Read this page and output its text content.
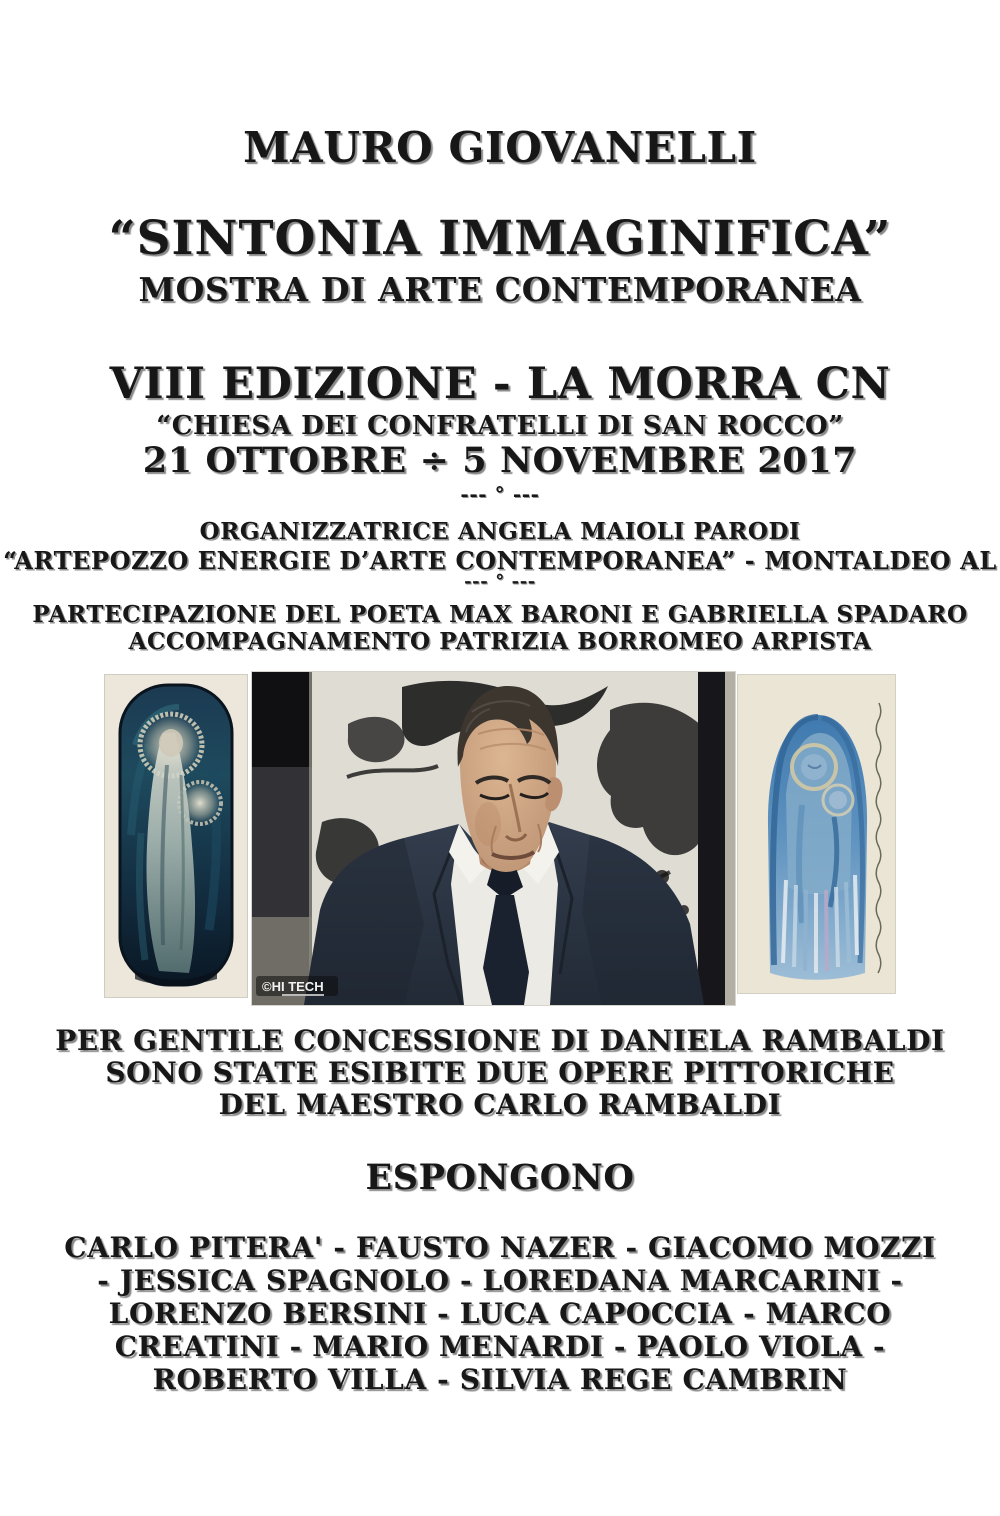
MAURO GIOVANELLI
“SINTONIA IMMAGINIFICA”
MOSTRA DI ARTE CONTEMPORANEA
VIII EDIZIONE - LA MORRA CN
“CHIESA DEI CONFRATELLI DI SAN ROCCO”
21 OTTOBRE ÷ 5 NOVEMBRE 2017
--- ° ---
ORGANIZZATRICE ANGELA MAIOLI PARODI
“ARTEPOZZO ENERGIE D’ARTE CONTEMPORANEA” - MONTALDEO AL
--- ° ---
PARTECIPAZIONE DEL POETA MAX BARONI E GABRIELLA SPADARO
ACCOMPAGNAMENTO PATRIZIA BORROMEO ARPISTA
©HI TECH
PER GENTILE CONCESSIONE DI DANIELA RAMBALDI
SONO STATE ESIBITE DUE OPERE PITTORICHE
DEL MAESTRO CARLO RAMBALDI
ESPONGONO
CARLO PITERA' - FAUSTO NAZER - GIACOMO MOZZI - JESSICA SPAGNOLO - LOREDANA MARCARINI - LORENZO BERSINI - LUCA CAPOCCIA - MARCO CREATINI - MARIO MENARDI - PAOLO VIOLA - ROBERTO VILLA - SILVIA REGE CAMBRIN
